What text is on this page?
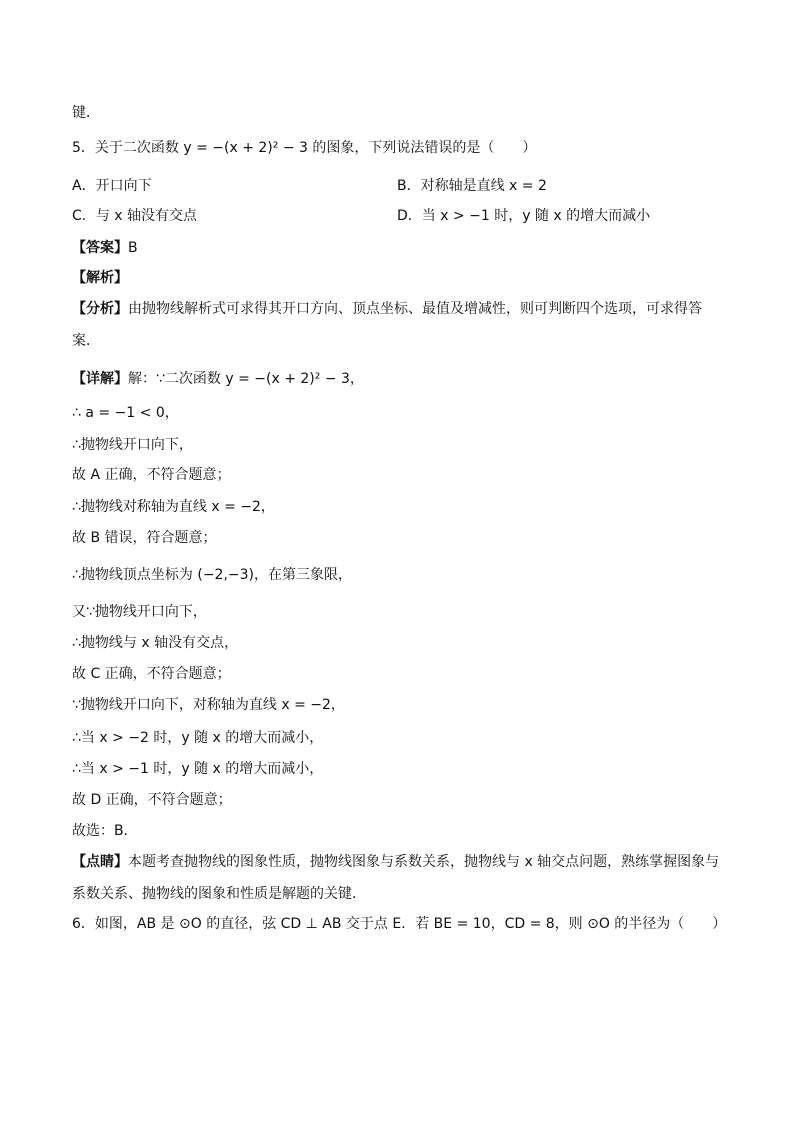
键．
5．关于二次函数 y = −(x + 2)² − 3 的图象，下列说法错误的是（　　）
A．开口向下	B．对称轴是直线 x = 2
C．与 x 轴没有交点	D．当 x > −1 时，y 随 x 的增大而减小
【答案】B
【解析】
【分析】由抛物线解析式可求得其开口方向、顶点坐标、最值及增减性，则可判断四个选项，可求得答
案．
【详解】解：∵二次函数 y = −(x + 2)² − 3，
∴ a = −1 < 0，
∴抛物线开口向下，
故 A 正确，不符合题意；
∴抛物线对称轴为直线 x = −2，
故 B 错误，符合题意；
∴抛物线顶点坐标为 (−2,−3)，在第三象限，
又∵抛物线开口向下，
∴抛物线与 x 轴没有交点，
故 C 正确，不符合题意；
∵抛物线开口向下，对称轴为直线 x = −2，
∴当 x > −2 时，y 随 x 的增大而减小，
∴当 x > −1 时，y 随 x 的增大而减小，
故 D 正确，不符合题意；
故选：B．
【点睛】本题考查抛物线的图象性质，抛物线图象与系数关系，抛物线与 x 轴交点问题，熟练掌握图象与
系数关系、抛物线的图象和性质是解题的关键．
6．如图，AB 是 ⊙O 的直径，弦 CD ⊥ AB 交于点 E．若 BE = 10，CD = 8，则 ⊙O 的半径为（　　）
